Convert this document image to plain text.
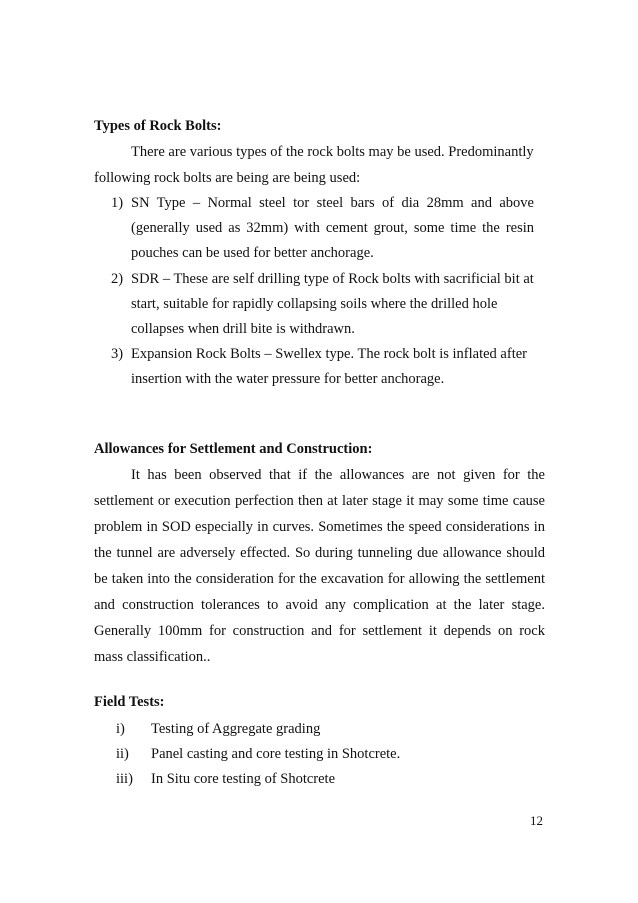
Types of Rock Bolts:
There are various types of the rock bolts may be used. Predominantly
following rock bolts are being are being used:
1) SN Type – Normal steel tor steel bars of dia 28mm and above
(generally used as 32mm) with cement grout, some time the resin
pouches can be used for better anchorage.
2) SDR – These are self drilling type of Rock bolts with sacrificial bit at
start, suitable for rapidly collapsing soils where the drilled hole
collapses when drill bite is withdrawn.
3) Expansion Rock Bolts – Swellex type. The rock bolt is inflated after
insertion with the water pressure for better anchorage.
Allowances for Settlement and Construction:
It has been observed that if the allowances are not given for the
settlement or execution perfection then at later stage it may some time cause
problem in SOD especially in curves. Sometimes the speed considerations in
the tunnel are adversely effected. So during tunneling due allowance should
be taken into the consideration for the excavation for allowing the settlement
and construction tolerances to avoid any complication at the later stage.
Generally 100mm for construction and for settlement it depends on rock
mass classification..
Field Tests:
i) Testing of Aggregate grading
ii) Panel casting and core testing in Shotcrete.
iii) In Situ core testing of Shotcrete
12
